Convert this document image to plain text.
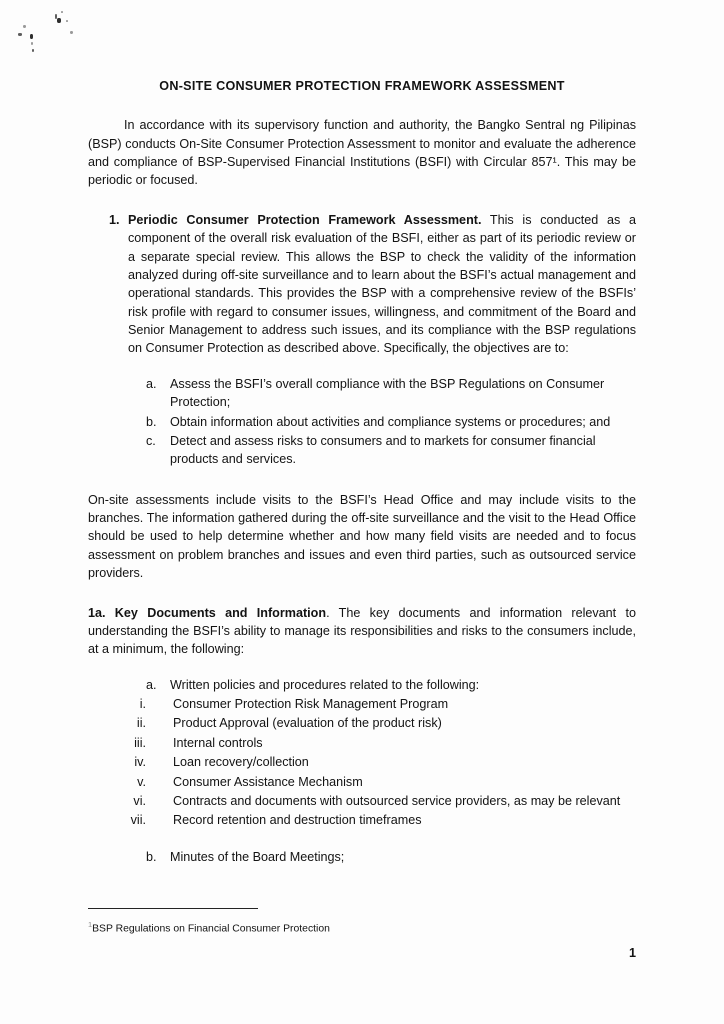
ON-SITE CONSUMER PROTECTION FRAMEWORK ASSESSMENT

In accordance with its supervisory function and authority, the Bangko Sentral ng Pilipinas (BSP) conducts On-Site Consumer Protection Assessment to monitor and evaluate the adherence and compliance of BSP-Supervised Financial Institutions (BSFI) with Circular 857¹. This may be periodic or focused.

1. Periodic Consumer Protection Framework Assessment. This is conducted as a component of the overall risk evaluation of the BSFI, either as part of its periodic review or a separate special review. This allows the BSP to check the validity of the information analyzed during off-site surveillance and to learn about the BSFI’s actual management and operational standards. This provides the BSP with a comprehensive review of the BSFIs’ risk profile with regard to consumer issues, willingness, and commitment of the Board and Senior Management to address such issues, and its compliance with the BSP regulations on Consumer Protection as described above. Specifically, the objectives are to:
a.	Assess the BSFI’s overall compliance with the BSP Regulations on Consumer Protection;
b.	Obtain information about activities and compliance systems or procedures; and
c.	Detect and assess risks to consumers and to markets for consumer financial products and services.

On-site assessments include visits to the BSFI’s Head Office and may include visits to the branches. The information gathered during the off-site surveillance and the visit to the Head Office should be used to help determine whether and how many field visits are needed and to focus assessment on problem branches and issues and even third parties, such as outsourced service providers.

1a. Key Documents and Information. The key documents and information relevant to understanding the BSFI’s ability to manage its responsibilities and risks to the consumers include, at a minimum, the following:

a.	Written policies and procedures related to the following:
i. Consumer Protection Risk Management Program
ii. Product Approval (evaluation of the product risk)
iii. Internal controls
iv. Loan recovery/collection
v. Consumer Assistance Mechanism
vi. Contracts and documents with outsourced service providers, as may be relevant
vii. Record retention and destruction timeframes
b.	Minutes of the Board Meetings;
$^1$BSP Regulations on Financial Consumer Protection
1
